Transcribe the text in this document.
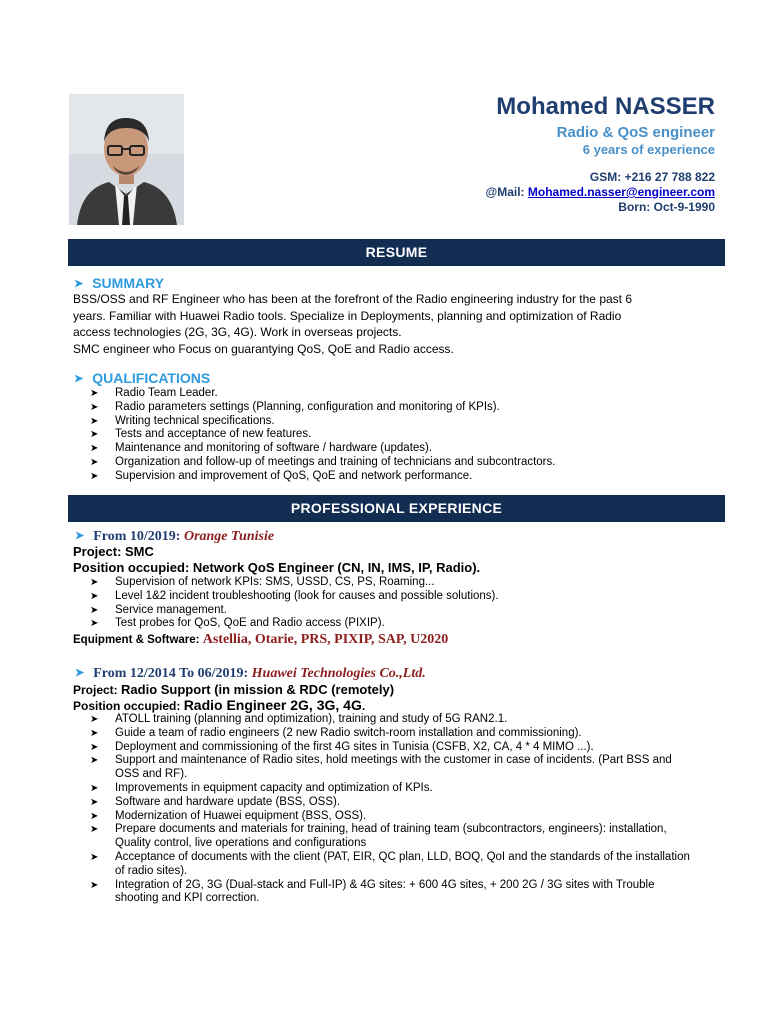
Mohamed NASSER
Radio & QoS engineer
6 years of experience
GSM: +216 27 788 822
@Mail: Mohamed.nasser@engineer.com
Born: Oct-9-1990
RESUME
➤ SUMMARY
BSS/OSS and RF Engineer who has been at the forefront of the Radio engineering industry for the past 6
years. Familiar with Huawei Radio tools. Specialize in Deployments, planning and optimization of Radio
access technologies (2G, 3G, 4G). Work in overseas projects.
SMC engineer who Focus on guarantying QoS, QoE and Radio access.
➤ QUALIFICATIONS
➤ Radio Team Leader.
➤ Radio parameters settings (Planning, configuration and monitoring of KPIs).
➤ Writing technical specifications.
➤ Tests and acceptance of new features.
➤ Maintenance and monitoring of software / hardware (updates).
➤ Organization and follow-up of meetings and training of technicians and subcontractors.
➤ Supervision and improvement of QoS, QoE and network performance.
PROFESSIONAL EXPERIENCE
➤ From 10/2019: Orange Tunisie
Project: SMC
Position occupied: Network QoS Engineer (CN, IN, IMS, IP, Radio).
➤ Supervision of network KPIs: SMS, USSD, CS, PS, Roaming...
➤ Level 1&2 incident troubleshooting (look for causes and possible solutions).
➤ Service management.
➤ Test probes for QoS, QoE and Radio access (PIXIP).
Equipment & Software: Astellia, Otarie, PRS, PIXIP, SAP, U2020
➤ From 12/2014 To 06/2019: Huawei Technologies Co.,Ltd.
Project: Radio Support (in mission & RDC (remotely)
Position occupied: Radio Engineer 2G, 3G, 4G.
➤ ATOLL training (planning and optimization), training and study of 5G RAN2.1.
➤ Guide a team of radio engineers (2 new Radio switch-room installation and commissioning).
➤ Deployment and commissioning of the first 4G sites in Tunisia (CSFB, X2, CA, 4 * 4 MIMO ...).
➤ Support and maintenance of Radio sites, hold meetings with the customer in case of incidents. (Part BSS and OSS and RF).
➤ Improvements in equipment capacity and optimization of KPIs.
➤ Software and hardware update (BSS, OSS).
➤ Modernization of Huawei equipment (BSS, OSS).
➤ Prepare documents and materials for training, head of training team (subcontractors, engineers): installation, Quality control, live operations and configurations
➤ Acceptance of documents with the client (PAT, EIR, QC plan, LLD, BOQ, QoI and the standards of the installation of radio sites).
➤ Integration of 2G, 3G (Dual-stack and Full-IP) & 4G sites: + 600 4G sites, + 200 2G / 3G sites with Trouble shooting and KPI correction.
